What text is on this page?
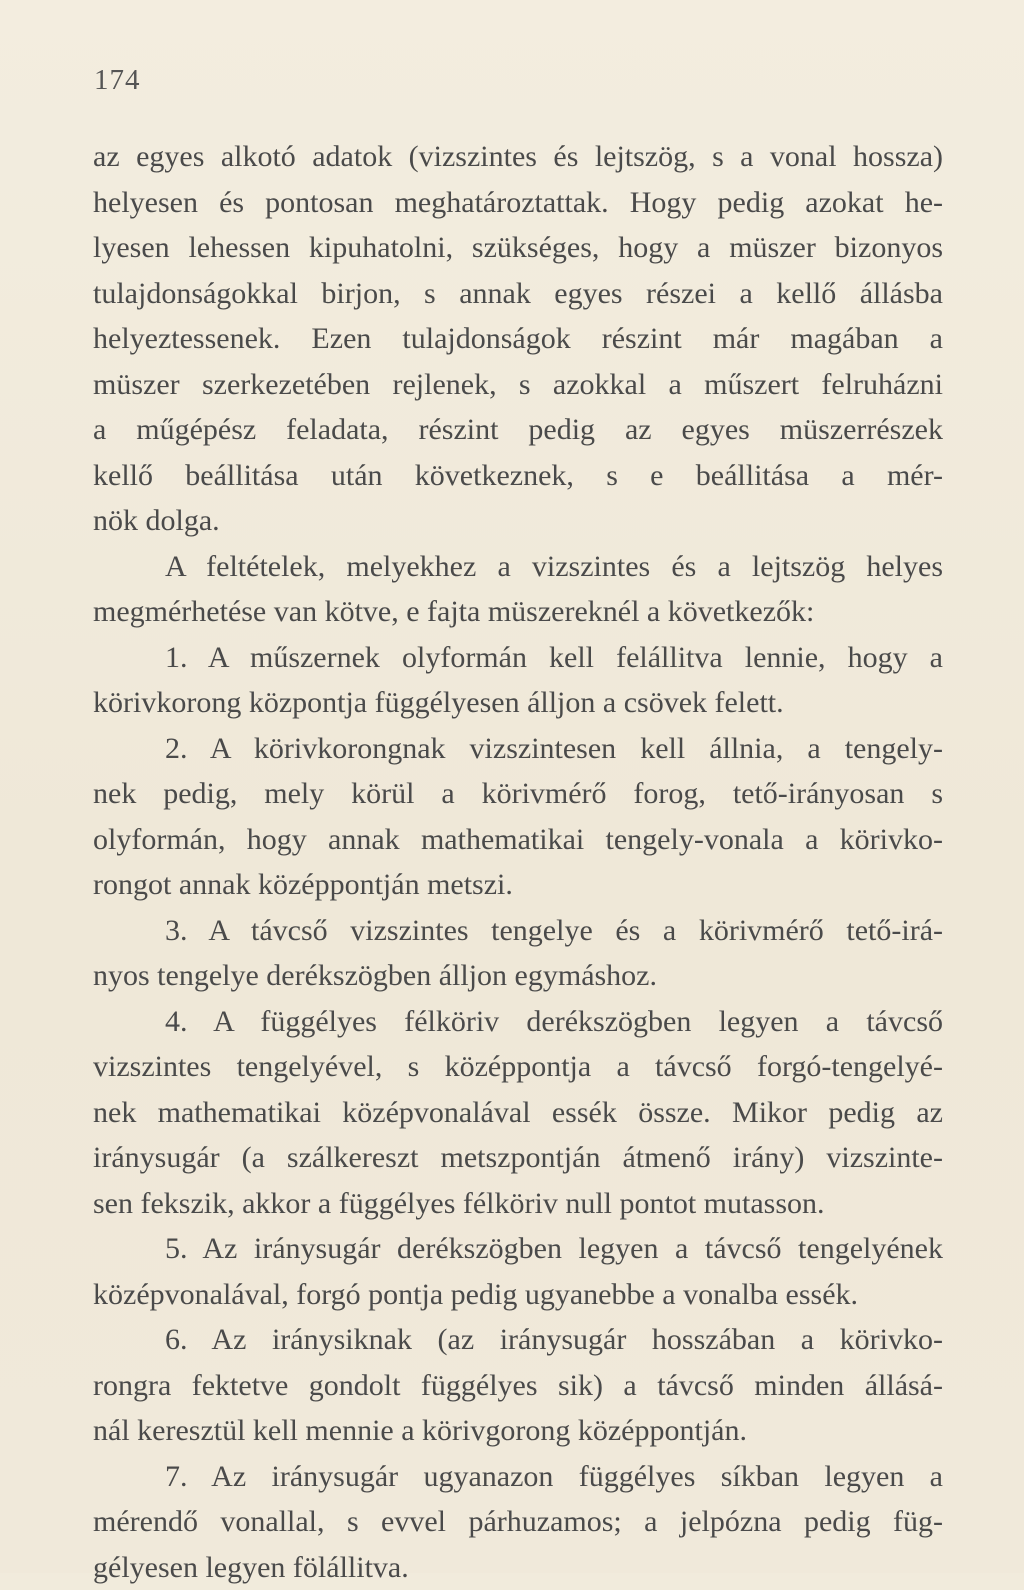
174
az egyes alkotó adatok (vizszintes és lejtszög, s a vonal hossza)
helyesen és pontosan meghatároztattak. Hogy pedig azokat he-
lyesen lehessen kipuhatolni, szükséges, hogy a müszer bizonyos
tulajdonságokkal birjon, s annak egyes részei a kellő állásba
helyeztessenek. Ezen tulajdonságok részint már magában a
müszer szerkezetében rejlenek, s azokkal a műszert felruházni
a műgépész feladata, részint pedig az egyes müszerrészek
kellő beállitása után következnek, s e beállitása a mér-
nök dolga.
A feltételek, melyekhez a vizszintes és a lejtszög helyes
megmérhetése van kötve, e fajta müszereknél a következők:
1. A műszernek olyformán kell felállitva lennie, hogy a
körivkorong központja függélyesen álljon a csövek felett.
2. A körivkorongnak vizszintesen kell állnia, a tengely-
nek pedig, mely körül a körivmérő forog, tető-irányosan s
olyformán, hogy annak mathematikai tengely-vonala a körivko-
rongot annak középpontján metszi.
3. A távcső vizszintes tengelye és a körivmérő tető-irá-
nyos tengelye derékszögben álljon egymáshoz.
4. A függélyes félköriv derékszögben legyen a távcső
vizszintes tengelyével, s középpontja a távcső forgó-tengelyé-
nek mathematikai középvonalával essék össze. Mikor pedig az
iránysugár (a szálkereszt metszpontján átmenő irány) vizszinte-
sen fekszik, akkor a függélyes félköriv null pontot mutasson.
5. Az iránysugár derékszögben legyen a távcső tengelyének
középvonalával, forgó pontja pedig ugyanebbe a vonalba essék.
6. Az iránysiknak (az iránysugár hosszában a körivko-
rongra fektetve gondolt függélyes sik) a távcső minden állásá-
nál keresztül kell mennie a körivgorong középpontján.
7. Az iránysugár ugyanazon függélyes síkban legyen a
mérendő vonallal, s evvel párhuzamos; a jelpózna pedig füg-
gélyesen legyen fölállitva.
